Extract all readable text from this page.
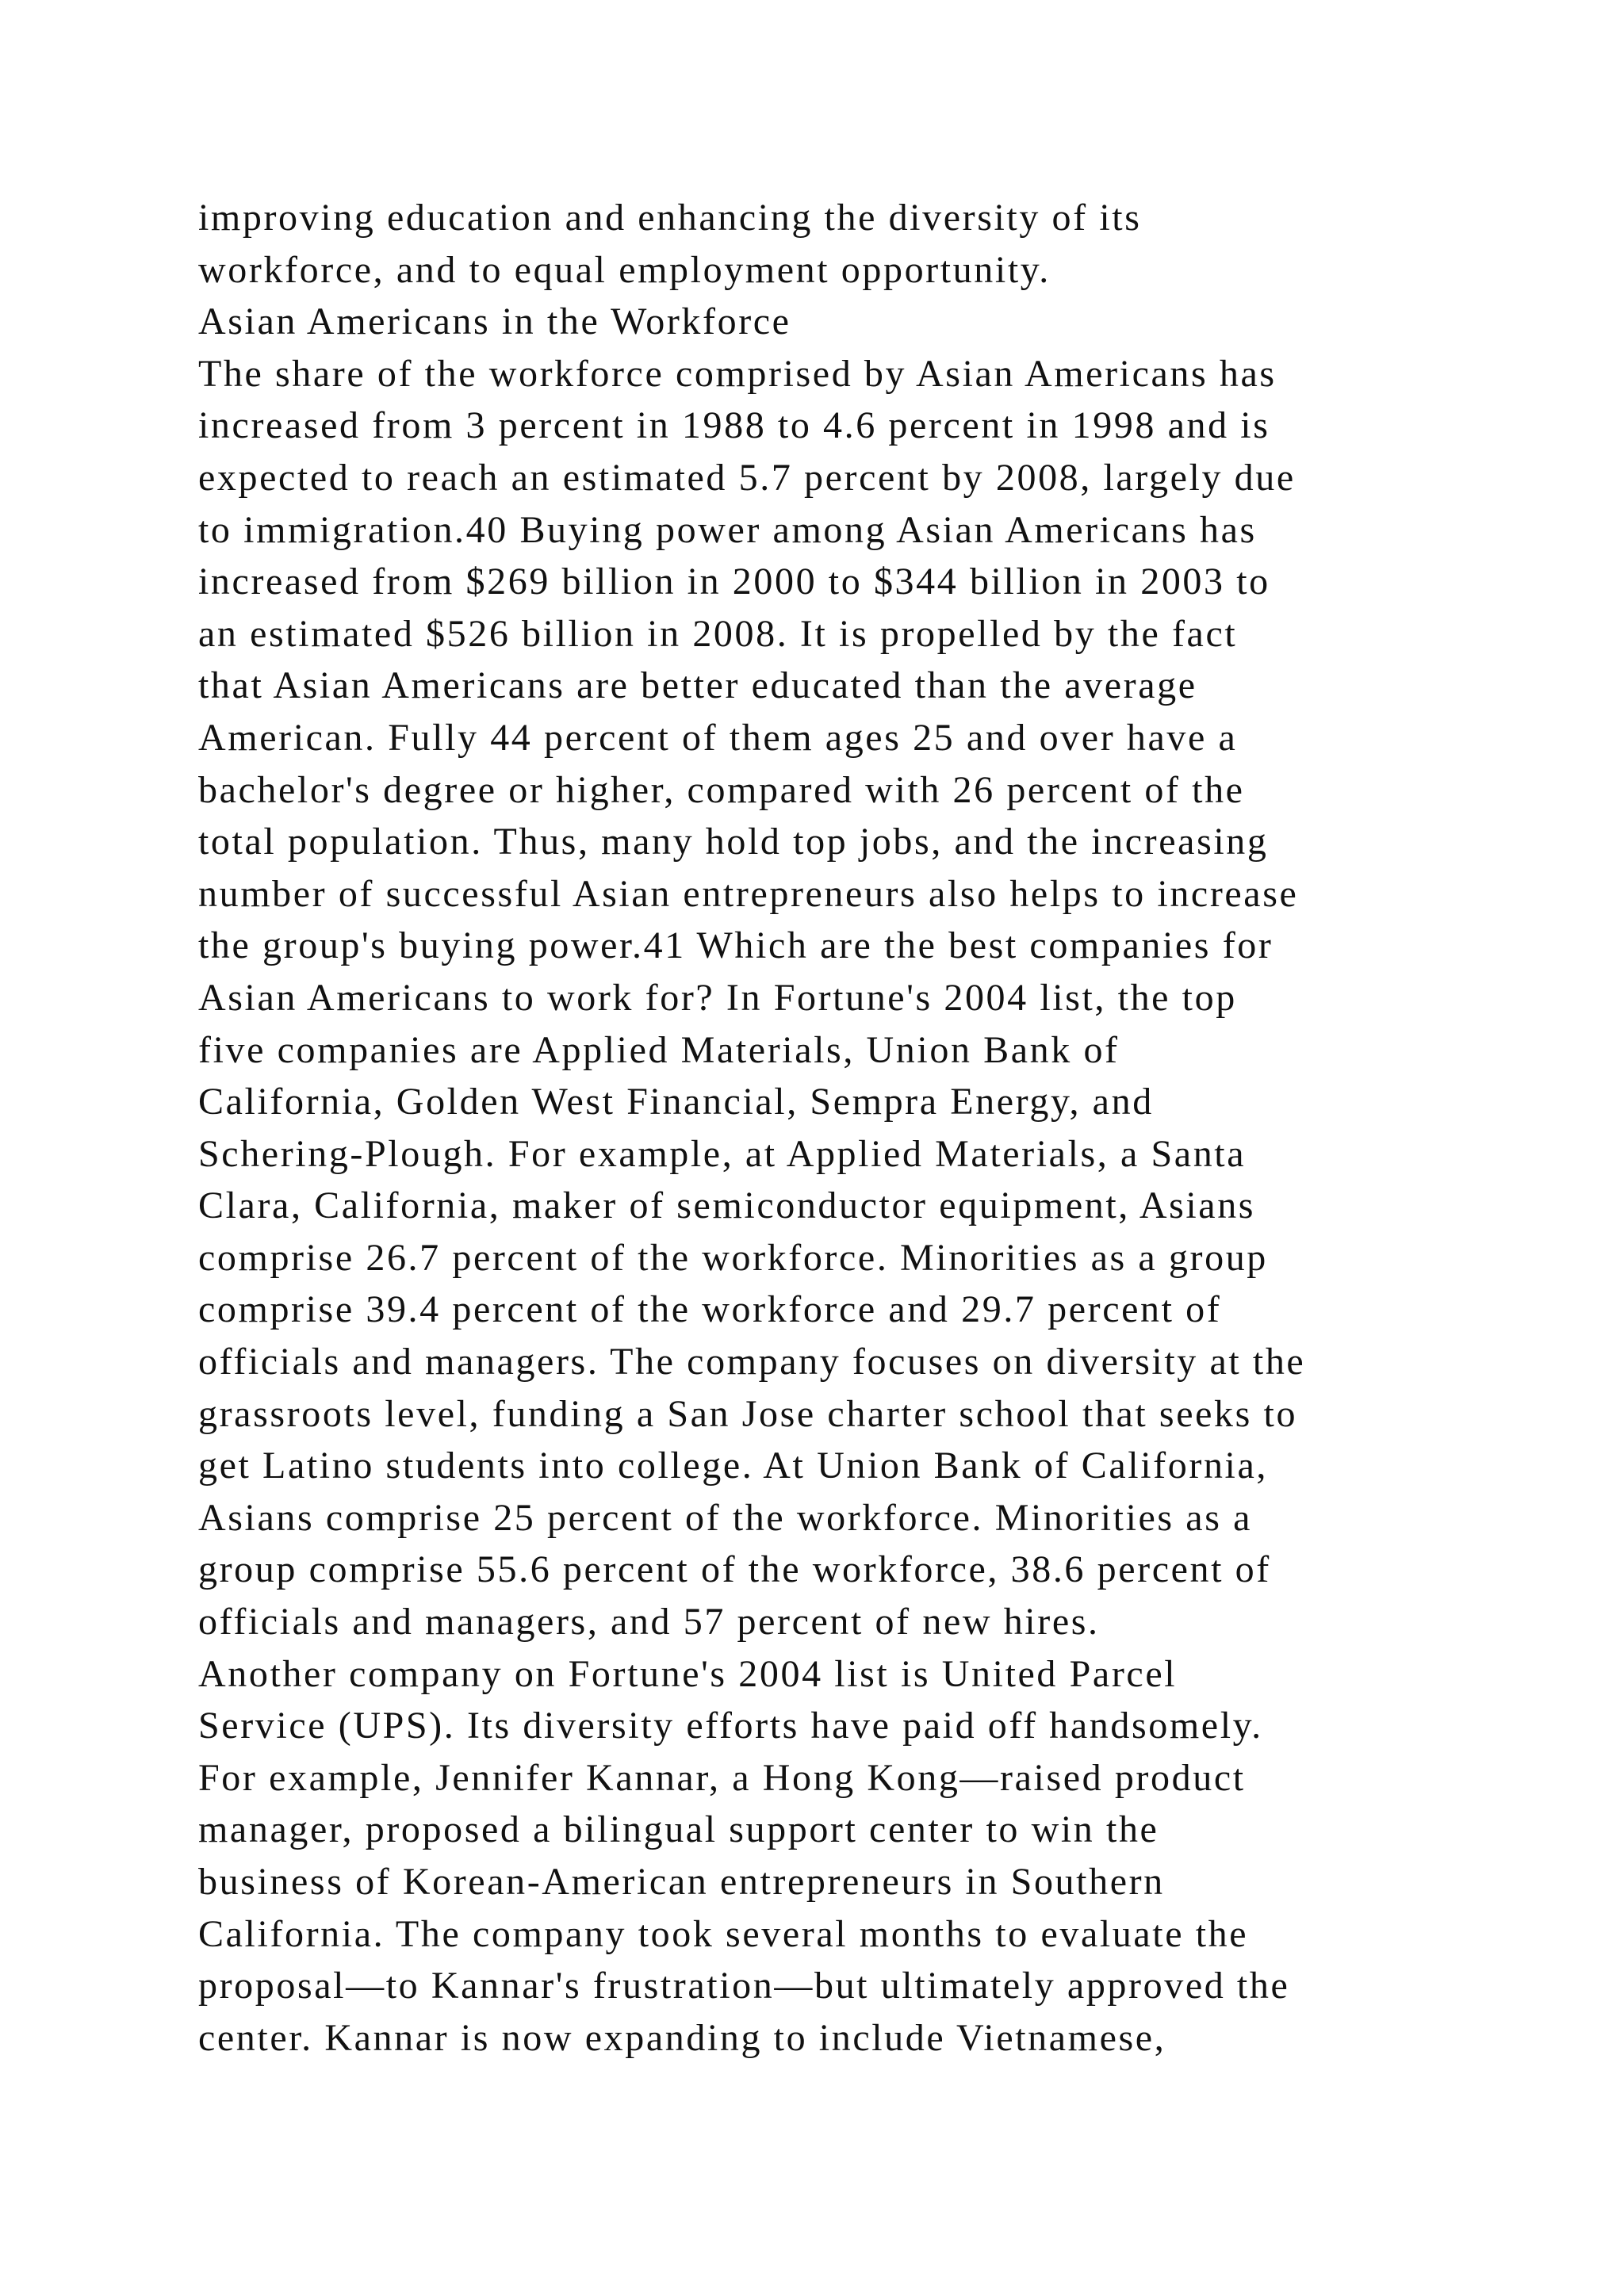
improving education and enhancing the diversity of its
workforce, and to equal employment opportunity.
Asian Americans in the Workforce
The share of the workforce comprised by Asian Americans has
increased from 3 percent in 1988 to 4.6 percent in 1998 and is
expected to reach an estimated 5.7 percent by 2008, largely due
to immigration.40 Buying power among Asian Americans has
increased from $269 billion in 2000 to $344 billion in 2003 to
an estimated $526 billion in 2008. It is propelled by the fact
that Asian Americans are better educated than the average
American. Fully 44 percent of them ages 25 and over have a
bachelor's degree or higher, compared with 26 percent of the
total population. Thus, many hold top jobs, and the increasing
number of successful Asian entrepreneurs also helps to increase
the group's buying power.41 Which are the best companies for
Asian Americans to work for? In Fortune's 2004 list, the top
five companies are Applied Materials, Union Bank of
California, Golden West Financial, Sempra Energy, and
Schering-Plough. For example, at Applied Materials, a Santa
Clara, California, maker of semiconductor equipment, Asians
comprise 26.7 percent of the workforce. Minorities as a group
comprise 39.4 percent of the workforce and 29.7 percent of
officials and managers. The company focuses on diversity at the
grassroots level, funding a San Jose charter school that seeks to
get Latino students into college. At Union Bank of California,
Asians comprise 25 percent of the workforce. Minorities as a
group comprise 55.6 percent of the workforce, 38.6 percent of
officials and managers, and 57 percent of new hires.
Another company on Fortune's 2004 list is United Parcel
Service (UPS). Its diversity efforts have paid off handsomely.
For example, Jennifer Kannar, a Hong Kong—raised product
manager, proposed a bilingual support center to win the
business of Korean-American entrepreneurs in Southern
California. The company took several months to evaluate the
proposal—to Kannar's frustration—but ultimately approved the
center. Kannar is now expanding to include Vietnamese,
